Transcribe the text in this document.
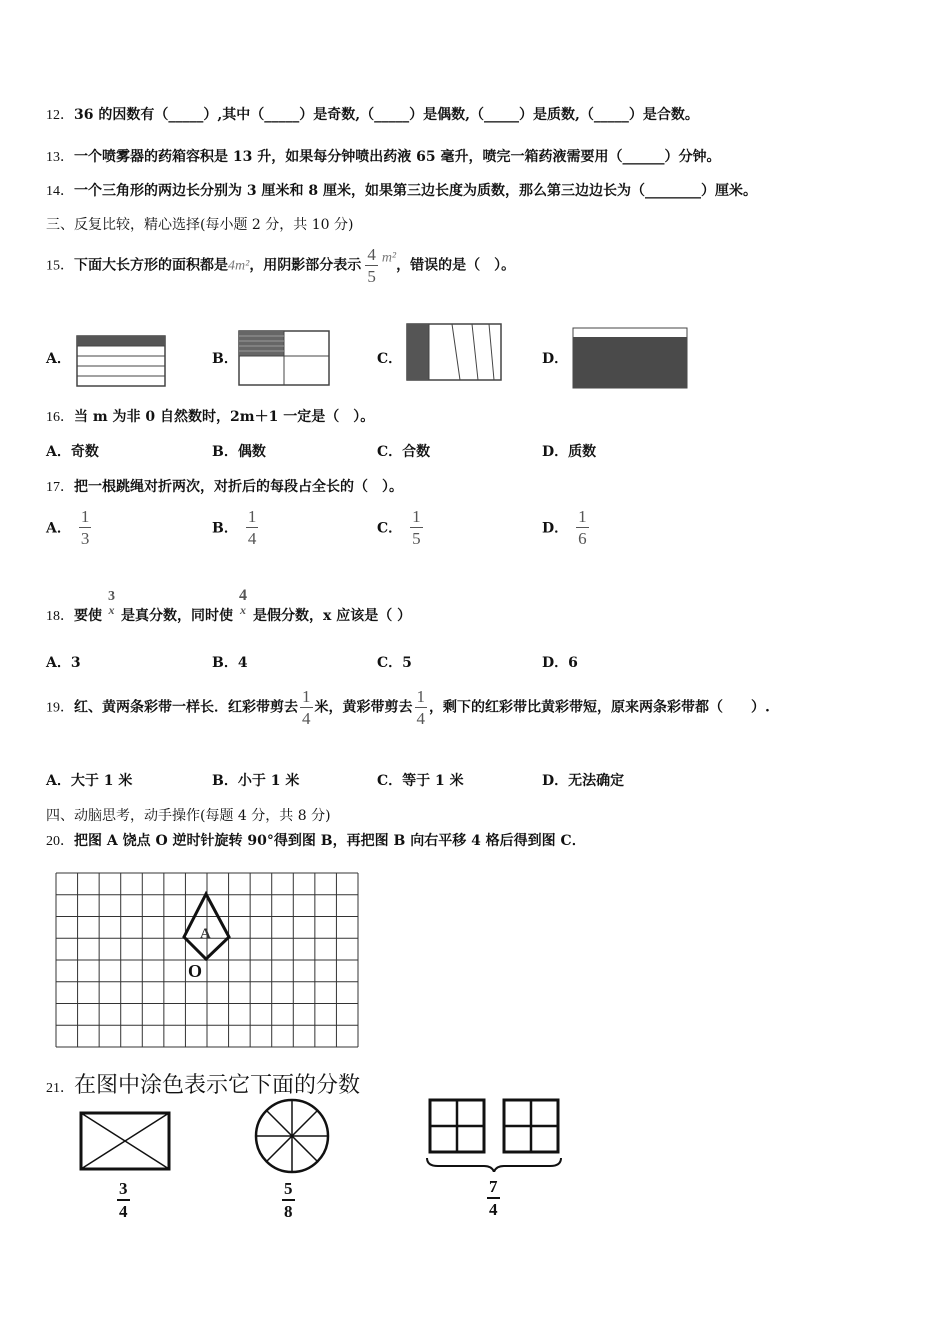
12．36 的因数有（_____）,其中（_____）是奇数,（_____）是偶数,（_____）是质数,（_____）是合数。
13．一个喷雾器的药箱容积是 13 升，如果每分钟喷出药液 65 毫升，喷完一箱药液需要用（______）分钟。
14．一个三角形的两边长分别为 3 厘米和 8 厘米，如果第三边长度为质数，那么第三边边长为（________）厘米。
三、反复比较，精心选择(每小题 2 分，共 10 分)
15．下面大长方形的面积都是4m²，用阴影部分表示 $\frac{4}{5} m^2$，错误的是（　）。
A．	B．	C．	D．
16．当 m 为非 0 自然数时，2m＋1 一定是（　）。
A．奇数	B．偶数	C．合数	D．质数
17．把一根跳绳对折两次，对折后的每段占全长的（　）。
A． $\frac{1}{3}$	B． $\frac{1}{4}$	C． $\frac{1}{5}$	D． $\frac{1}{6}$
18．要使
3
x 是真分数，同时使
4
x 是假分数，x 应该是（ ）
A．3	B．4	C．5	D．6
19．红、黄两条彩带一样长．红彩带剪去 $\frac{1}{4}$ 米，黄彩带剪去 $\frac{1}{4}$ ，剩下的红彩带比黄彩带短，原来两条彩带都（　　）.
A．大于 1 米	B．小于 1 米	C．等于 1 米	D．无法确定
四、动脑思考，动手操作(每题 4 分，共 8 分)
20．把图 A 饶点 O 逆时针旋转 90°得到图 B，再把图 B 向右平移 4 格后得到图 C．
A
O
21．在图中涂色表示它下面的分数
3
4
5
8
7
4
